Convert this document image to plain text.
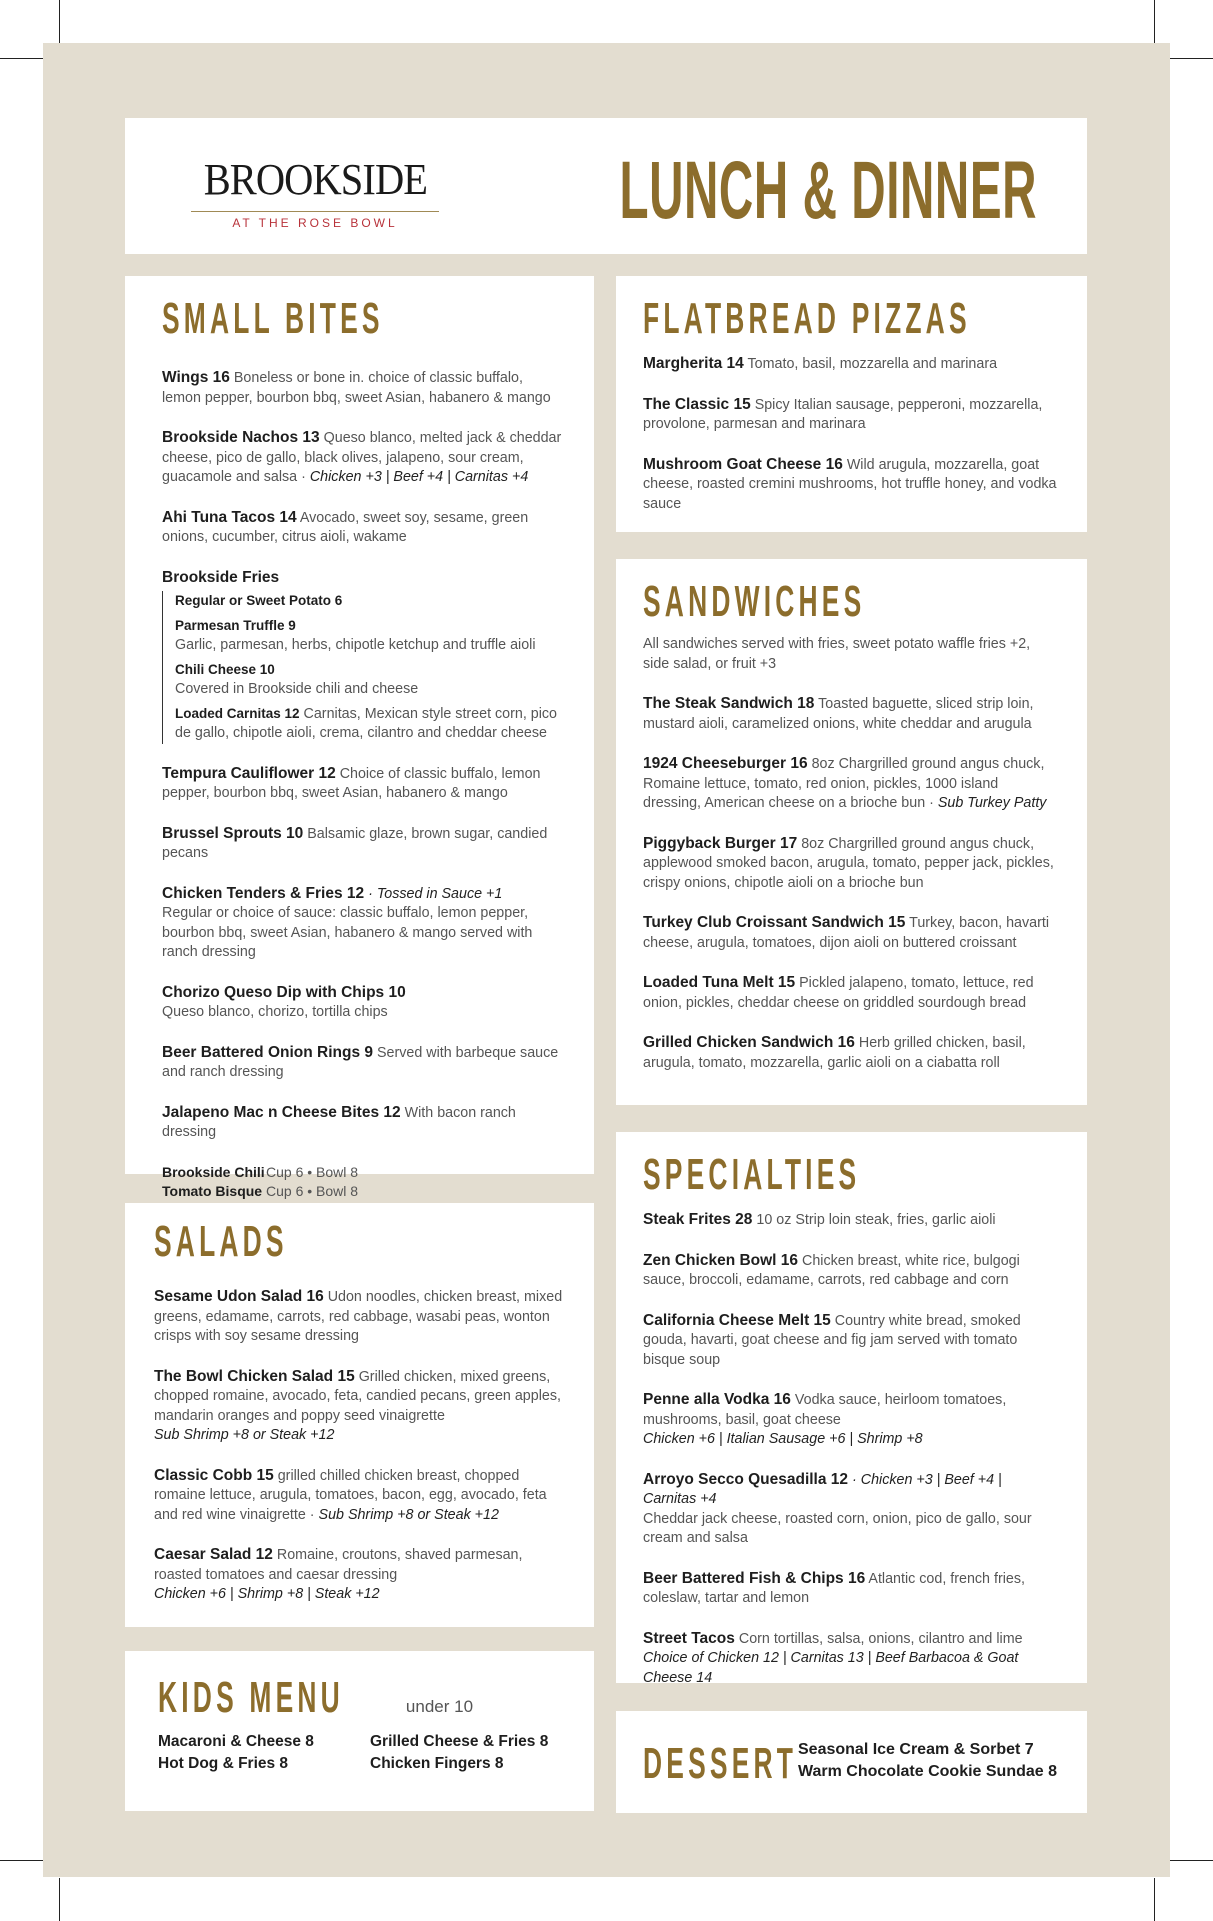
BROOKSIDE
AT THE ROSE BOWL	LUNCH & DINNER
SMALL BITES
Wings 16 Boneless or bone in. choice of classic buffalo, lemon pepper, bourbon bbq, sweet Asian, habanero & mango
Brookside Nachos 13 Queso blanco, melted jack & cheddar cheese, pico de gallo, black olives, jalapeno, sour cream, guacamole and salsa · Chicken +3 | Beef +4 | Carnitas +4
Ahi Tuna Tacos 14 Avocado, sweet soy, sesame, green onions, cucumber, citrus aioli, wakame
Brookside Fries
Regular or Sweet Potato 6
Parmesan Truffle 9
Garlic, parmesan, herbs, chipotle ketchup and truffle aioli
Chili Cheese 10
Covered in Brookside chili and cheese
Loaded Carnitas 12 Carnitas, Mexican style street corn, pico de gallo, chipotle aioli, crema, cilantro and cheddar cheese
Tempura Cauliflower 12 Choice of classic buffalo, lemon pepper, bourbon bbq, sweet Asian, habanero & mango
Brussel Sprouts 10 Balsamic glaze, brown sugar, candied pecans
Chicken Tenders & Fries 12 · Tossed in Sauce +1
Regular or choice of sauce: classic buffalo, lemon pepper, bourbon bbq, sweet Asian, habanero & mango served with ranch dressing
Chorizo Queso Dip with Chips 10
Queso blanco, chorizo, tortilla chips
Beer Battered Onion Rings 9 Served with barbeque sauce and ranch dressing
Jalapeno Mac n Cheese Bites 12 With bacon ranch dressing
Brookside ChiliCup 6 • Bowl 8
Tomato Bisque Cup 6 • Bowl 8
SALADS
Sesame Udon Salad 16 Udon noodles, chicken breast, mixed greens, edamame, carrots, red cabbage, wasabi peas, wonton crisps with soy sesame dressing
The Bowl Chicken Salad 15 Grilled chicken, mixed greens, chopped romaine, avocado, feta, candied pecans, green apples, mandarin oranges and poppy seed vinaigrette
Sub Shrimp +8 or Steak +12
Classic Cobb 15 grilled chilled chicken breast, chopped romaine lettuce, arugula, tomatoes, bacon, egg, avocado, feta and red wine vinaigrette · Sub Shrimp +8 or Steak +12
Caesar Salad 12 Romaine, croutons, shaved parmesan, roasted tomatoes and caesar dressing
Chicken +6 | Shrimp +8 | Steak +12
KIDS MENU	under 10
Macaroni & Cheese 8	Grilled Cheese & Fries 8
Hot Dog & Fries 8	Chicken Fingers 8
FLATBREAD PIZZAS
Margherita 14 Tomato, basil, mozzarella and marinara
The Classic 15 Spicy Italian sausage, pepperoni, mozzarella, provolone, parmesan and marinara
Mushroom Goat Cheese 16 Wild arugula, mozzarella, goat cheese, roasted cremini mushrooms, hot truffle honey, and vodka sauce
SANDWICHES
All sandwiches served with fries, sweet potato waffle fries +2, side salad, or fruit +3
The Steak Sandwich 18 Toasted baguette, sliced strip loin, mustard aioli, caramelized onions, white cheddar and arugula
1924 Cheeseburger 16 8oz Chargrilled ground angus chuck, Romaine lettuce, tomato, red onion, pickles, 1000 island dressing, American cheese on a brioche bun · Sub Turkey Patty
Piggyback Burger 17 8oz Chargrilled ground angus chuck, applewood smoked bacon, arugula, tomato, pepper jack, pickles, crispy onions, chipotle aioli on a brioche bun
Turkey Club Croissant Sandwich 15 Turkey, bacon, havarti cheese, arugula, tomatoes, dijon aioli on buttered croissant
Loaded Tuna Melt 15 Pickled jalapeno, tomato, lettuce, red onion, pickles, cheddar cheese on griddled sourdough bread
Grilled Chicken Sandwich 16 Herb grilled chicken, basil, arugula, tomato, mozzarella, garlic aioli on a ciabatta roll
SPECIALTIES
Steak Frites 28 10 oz Strip loin steak, fries, garlic aioli
Zen Chicken Bowl 16 Chicken breast, white rice, bulgogi sauce, broccoli, edamame, carrots, red cabbage and corn
California Cheese Melt 15 Country white bread, smoked gouda, havarti, goat cheese and fig jam served with tomato bisque soup
Penne alla Vodka 16 Vodka sauce, heirloom tomatoes, mushrooms, basil, goat cheese
Chicken +6 | Italian Sausage +6 | Shrimp +8
Arroyo Secco Quesadilla 12 · Chicken +3 | Beef +4 | Carnitas +4
Cheddar jack cheese, roasted corn, onion, pico de gallo, sour cream and salsa
Beer Battered Fish & Chips 16 Atlantic cod, french fries, coleslaw, tartar and lemon
Street Tacos Corn tortillas, salsa, onions, cilantro and lime
Choice of Chicken 12 | Carnitas 13 | Beef Barbacoa & Goat Cheese 14
DESSERT Seasonal Ice Cream & Sorbet 7
Warm Chocolate Cookie Sundae 8
